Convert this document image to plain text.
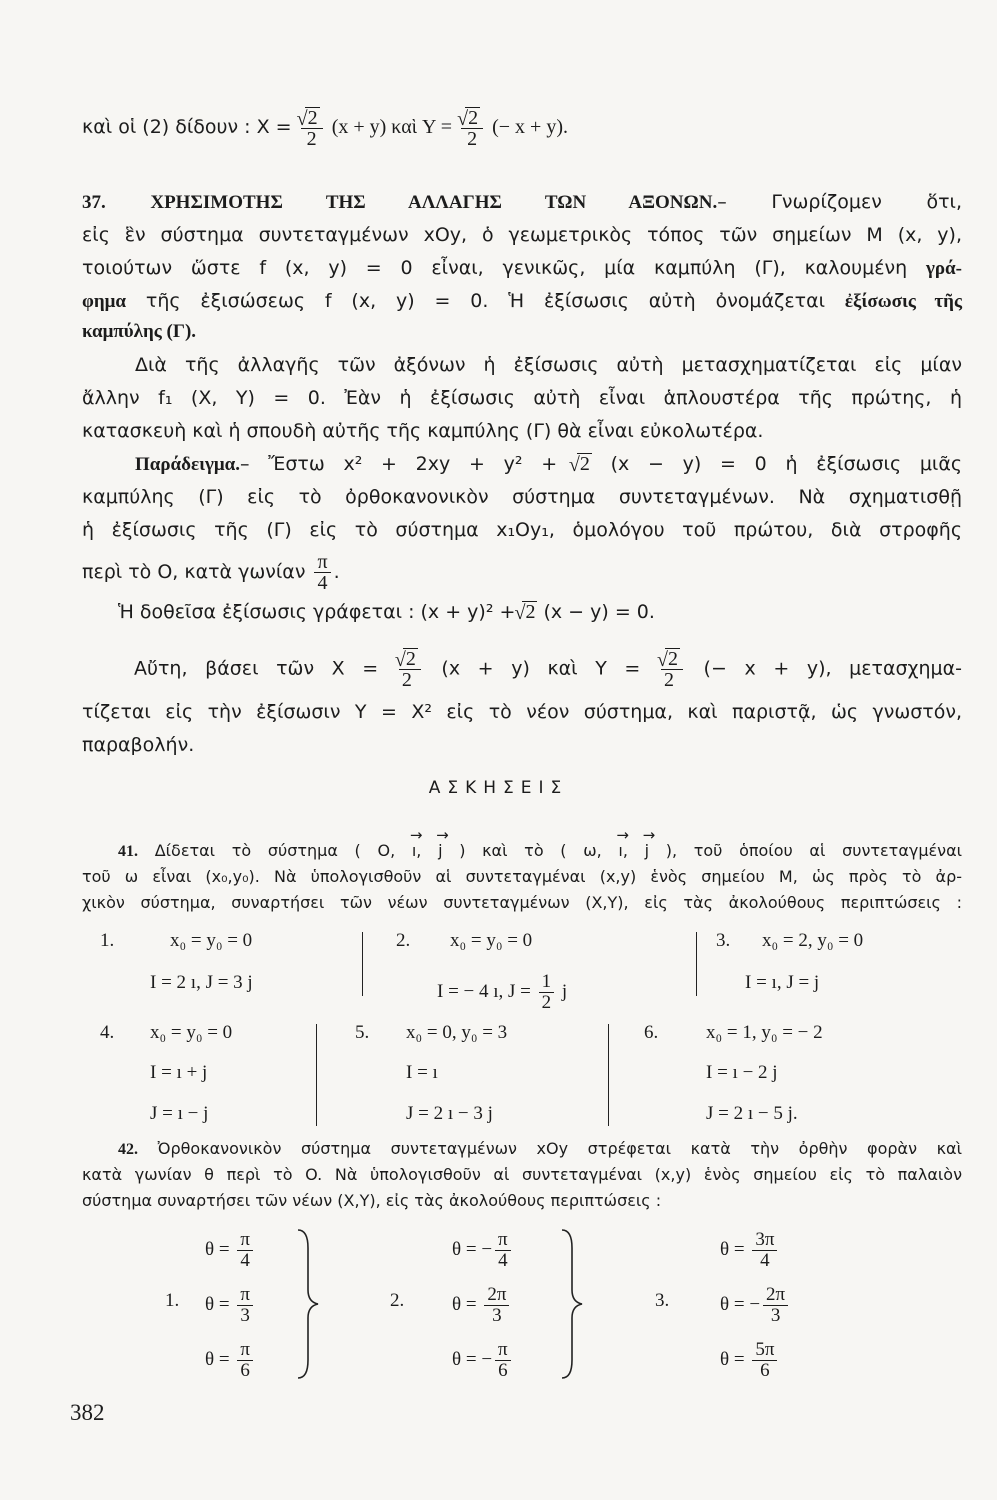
καὶ οἱ (2) δίδουν : X = √ $\frac{2}{2} (x + y)$ καὶ Y = √ $\frac{2}{2}$ (− x + y).
37. ΧΡΗΣΙΜΟΤΗΣ ΤΗΣ ΑΛΛΑΓΗΣ ΤΩΝ ΑΞΟΝΩΝ.– Γνωρίζομεν ὅτι,
εἰς ἓν σύστημα συντεταγμένων xOy, ὁ γεωμετρικὸς τόπος τῶν σημείων M (x, y),
τοιούτων ὥστε f (x, y) = 0 εἶναι, γενικῶς, μία καμπύλη (Γ), καλουμένη γρά-
φημα τῆς ἐξισώσεως f (x, y) = 0. Ἡ ἐξίσωσις αὐτὴ ὀνομάζεται ἐξίσωσις τῆς
καμπύλης (Γ).
Διὰ τῆς ἀλλαγῆς τῶν ἀξόνων ἡ ἐξίσωσις αὐτὴ μετασχηματίζεται εἰς μίαν
ἄλλην f₁ (X, Y) = 0. Ἐὰν ἡ ἐξίσωσις αὐτὴ εἶναι ἁπλουστέρα τῆς πρώτης, ἡ
κατασκευὴ καὶ ἡ σπουδὴ αὐτῆς τῆς καμπύλης (Γ) θὰ εἶναι εὐκολωτέρα.
Παράδειγμα.– Ἔστω x² + 2xy + y² + √ 2 (x − y) = 0 ἡ ἐξίσωσις μιᾶς
καμπύλης (Γ) εἰς τὸ ὀρθοκανονικὸν σύστημα συντεταγμένων. Νὰ σχηματισθῇ
ἡ ἐξίσωσις τῆς (Γ) εἰς τὸ σύστημα x₁Oy₁, ὁμολόγου τοῦ πρώτου, διὰ στροφῆς
περὶ τὸ O, κατὰ γωνίαν $\frac{\pi}{4}$ .
Ἡ δοθεῖσα ἐξίσωσις γράφεται : (x + y)² + √ 2 (x − y) = 0.
Αὔτη, βάσει τῶν X = √ $\frac{2}{2} (x + y)$ καὶ Y = √ $\frac{2}{2}$ (− x + y), μετασχημα-
τίζεται εἰς τὴν ἐξίσωσιν Y = X² εἰς τὸ νέον σύστημα, καὶ παριστᾷ, ὡς γνωστόν,
παραβολήν.
ΑΣΚΗΣΕΙΣ
41. Δίδεται τὸ σύστημα ( O, → ı, → j ) καὶ τὸ ( ω, → ı, → j ), τοῦ ὁποίου αἱ συντεταγμέναι
τοῦ ω εἶναι (x₀,y₀). Νὰ ὑπολογισθοῦν αἱ συντεταγμέναι (x,y) ἑνὸς σημείου M, ὡς πρὸς τὸ ἀρ-
χικὸν σύστημα, συναρτήσει τῶν νέων συντεταγμένων (X,Y), εἰς τὰς ἀκολούθους περιπτώσεις :
1.	x₀ = y₀ = 0
I = 2 ı, J = 3 j
2. x₀ = y₀ = 0
I = − 4 ı, $J = \frac{1}{2}$ j
3. x₀ = 2, y₀ = 0
I = ı, J = j
4. x₀ = y₀ = 0
I = ı + j
J = ı − j
5. x₀ = 0, y₀ = 3
I = ı
J = 2 ı − 3 j
6.	x₀ = 1, y₀ = − 2
I = ı − 2 j
J = 2 ı − 5 j.
42. Ὀρθοκανονικὸν σύστημα συντεταγμένων xOy στρέφεται κατὰ τὴν ὀρθὴν φορὰν καὶ
κατὰ γωνίαν θ περὶ τὸ O. Νὰ ὑπολογισθοῦν αἱ συντεταγμέναι (x,y) ἑνὸς σημείου εἰς τὸ παλαιὸν
σύστημα συναρτήσει τῶν νέων (X,Y), εἰς τὰς ἀκολούθους περιπτώσεις :
1.
$\theta = \frac{\pi}{4}$
$\theta = \frac{\pi}{3}$
$\theta = \frac{\pi}{6}$
2.
θ = − $\frac{\pi}{4}$
$\theta = \frac{2\pi}{3}$
θ = − $\frac{\pi}{6}$
3.
$\theta = \frac{3\pi}{4}$
θ = − $\frac{2\pi}{3}$
$\theta = \frac{5\pi}{6}$
382
